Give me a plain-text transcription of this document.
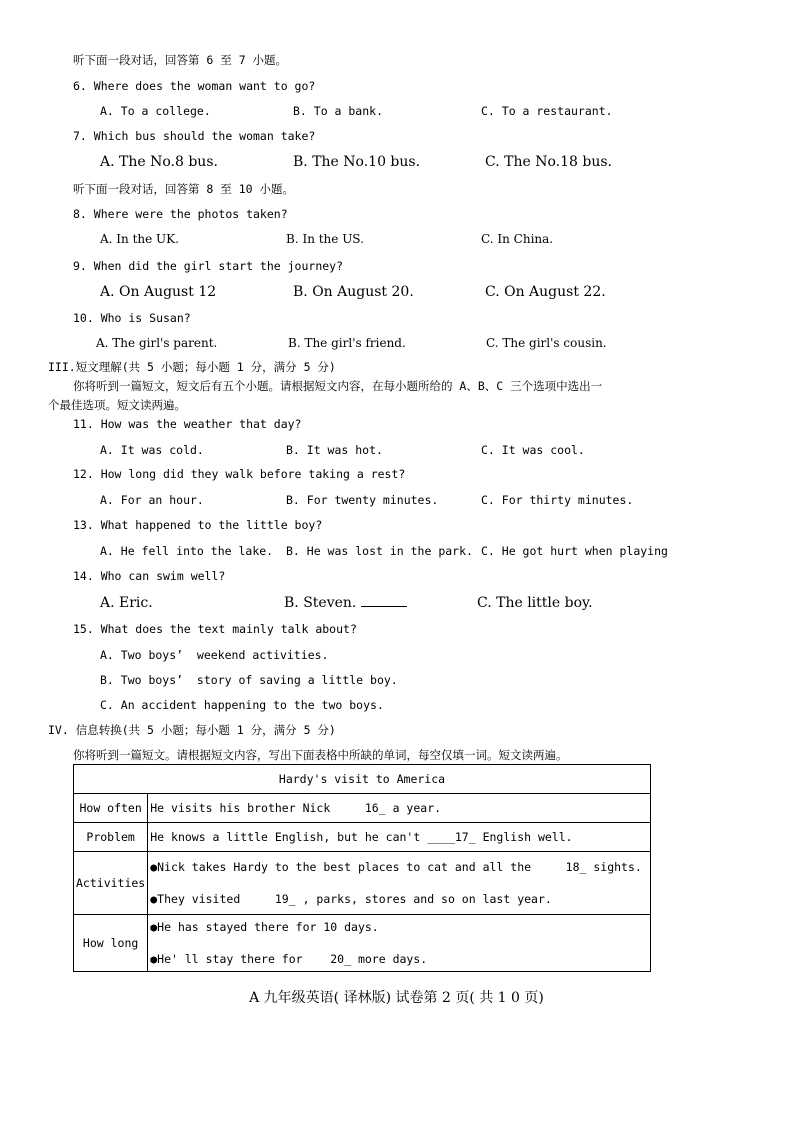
听下面一段对话，回答第 6 至 7 小题。
6. Where does the woman want to go?
A. To a college.	B. To a bank.	C. To a restaurant.
7. Which bus should the woman take?
A. The No.8 bus.	B. The No.10 bus.	C. The No.18 bus.
听下面一段对话，回答第 8 至 10 小题。
8. Where were the photos taken?
A. In the UK.	B. In the US.	C. In China.
9. When did the girl start the journey?
A. On August 12	B. On August 20.	C. On August 22.
10. Who is Susan?
A. The girl's parent.	B. The girl's friend.	C. The girl's cousin.
III.短文理解(共 5 小题；每小题 1 分，满分 5 分)
你将听到一篇短文，短文后有五个小题。请根据短文内容，在每小题所给的 A、B、C 三个选项中选出一
个最佳选项。短文读两遍。
11. How was the weather that day?
A. It was cold.	B. It was hot.	C. It was cool.
12. How long did they walk before taking a rest?
A. For an hour.	B. For twenty minutes.	C. For thirty minutes.
13. What happened to the little boy?
A. He fell into the lake. B. He was lost in the park. C. He got hurt when playing
14. Who can swim well?
A. Eric.	B. Steven.	C. The little boy.
15. What does the text mainly talk about?
A. Two boys’  weekend activities.
B. Two boys’  story of saving a little boy.
C. An accident happening to the two boys.
IV. 信息转换(共 5 小题；每小题 1 分，满分 5 分)
你将听到一篇短文。请根据短文内容，写出下面表格中所缺的单词，每空仅填一词。短文读两遍。
Hardy's visit to America	
How often	He visits his brother Nick     16_ a year.
Problem	He knows a little English, but he can't ____17_ English well.
Activities	●Nick takes Hardy to the best places to cat and all the     18_ sights.
●They visited     19_ , parks, stores and so on last year.

How long	●He has stayed there for 10 days.
●He' ll stay there for    20_ more days.
A 九年级英语( 译林版) 试卷第 2 页( 共 1 0 页)
